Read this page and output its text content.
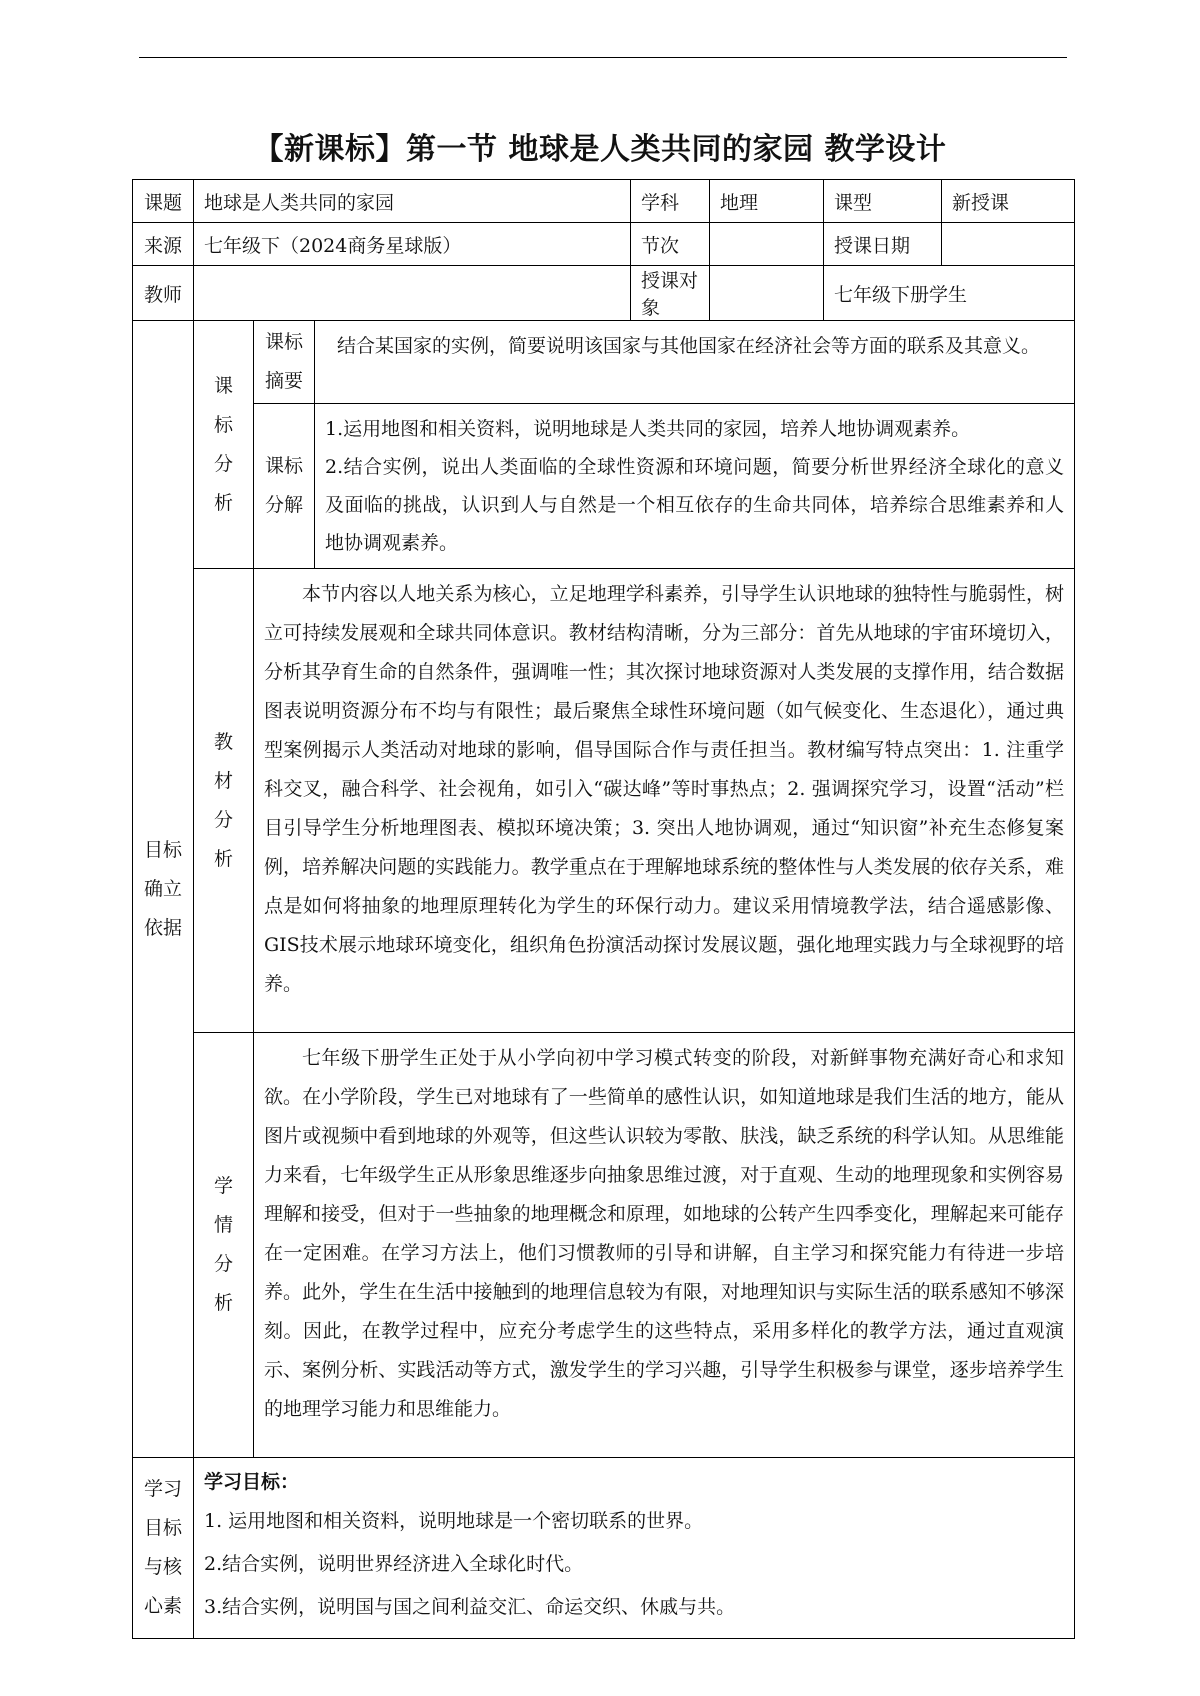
【新课标】第一节 地球是人类共同的家园 教学设计
课题	地球是人类共同的家园			学科	地理	课型	新授课
来源	七年级下（2024商务星球版）			节次		授课日期	
教师				授课对象		七年级下册学生	

目标确立依据	课标分析	课标摘要	结合某国家的实例，简要说明该国家与其他国家在经济社会等方面的联系及其意义。				

		课标分解	1.运用地图和相关资料，说明地球是人类共同的家园，培养人地协调观素养。
2.结合实例，说出人类面临的全球性资源和环境问题，简要分析世界经济全球化的意义及面临的挑战，认识到人与自然是一个相互依存的生命共同体，培养综合思维素养和人地协调观素养。				

	教材分析	本节内容以人地关系为核心，立足地理学科素养，引导学生认识地球的独特性与脆弱性，树立可持续发展观和全球共同体意识。教材结构清晰，分为三部分：首先从地球的宇宙环境切入，分析其孕育生命的自然条件，强调唯一性；其次探讨地球资源对人类发展的支撑作用，结合数据图表说明资源分布不均与有限性；最后聚焦全球性环境问题（如气候变化、生态退化），通过典型案例揭示人类活动对地球的影响，倡导国际合作与责任担当。教材编写特点突出：1. 注重学科交叉，融合科学、社会视角，如引入“碳达峰”等时事热点；2. 强调探究学习，设置“活动”栏目引导学生分析地理图表、模拟环境决策；3. 突出人地协调观，通过“知识窗”补充生态修复案例，培养解决问题的实践能力。教学重点在于理解地球系统的整体性与人类发展的依存关系，难点是如何将抽象的地理原理转化为学生的环保行动力。建议采用情境教学法，结合遥感影像、GIS技术展示地球环境变化，组织角色扮演活动探讨发展议题，强化地理实践力与全球视野的培养。					

	学情分析	七年级下册学生正处于从小学向初中学习模式转变的阶段，对新鲜事物充满好奇心和求知欲。在小学阶段，学生已对地球有了一些简单的感性认识，如知道地球是我们生活的地方，能从图片或视频中看到地球的外观等，但这些认识较为零散、肤浅，缺乏系统的科学认知。从思维能力来看，七年级学生正从形象思维逐步向抽象思维过渡，对于直观、生动的地理现象和实例容易理解和接受，但对于一些抽象的地理概念和原理，如地球的公转产生四季变化，理解起来可能存在一定困难。在学习方法上，他们习惯教师的引导和讲解，自主学习和探究能力有待进一步培养。此外，学生在生活中接触到的地理信息较为有限，对地理知识与实际生活的联系感知不够深刻。因此，在教学过程中，应充分考虑学生的这些特点，采用多样化的教学方法，通过直观演示、案例分析、实践活动等方式，激发学生的学习兴趣，引导学生积极参与课堂，逐步培养学生的地理学习能力和思维能力。					

学习目标与核心素	学习目标：
1. 运用地图和相关资料，说明地球是一个密切联系的世界。
2.结合实例，说明世界经济进入全球化时代。
3.结合实例，说明国与国之间利益交汇、命运交织、休戚与共。						
